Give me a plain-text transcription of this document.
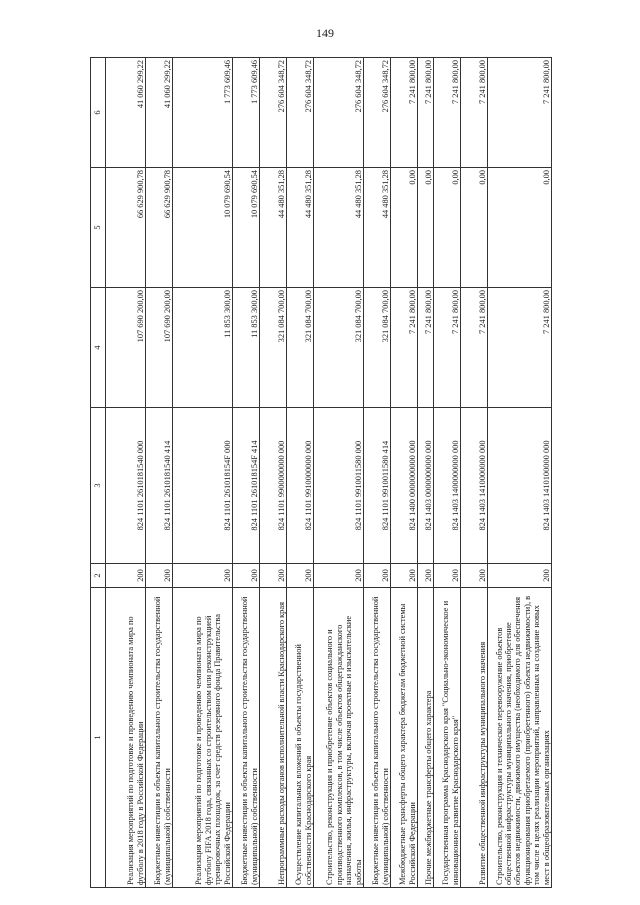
149
1	2	3	4	5	6
Реализация мероприятий по подготовке и проведению чемпионата мира по футболу в 2018 году в Российской Федерации	200	824 1101 2610181540 000	107 690 200,00	66 629 900,78	41 060 299,22
Бюджетные инвестиции в объекты капитального строительства государственной (муниципальной) собственности	200	824 1101 2610181540 414	107 690 200,00	66 629 900,78	41 060 299,22
Реализация мероприятий по подготовке и проведению чемпионата мира по футболу FIFA 2018 года, связанных со строительством или реконструкцией тренировочных площадок, за счет средств резервного фонда Правительства Российской Федерации	200	824 1101 261018154F 000	11 853 300,00	10 079 690,54	1 773 609,46
Бюджетные инвестиции в объекты капитального строительства государственной (муниципальной) собственности	200	824 1101 261018154F 414	11 853 300,00	10 079 690,54	1 773 609,46
Непрограммные расходы органов исполнительной власти Краснодарского края	200	824 1101 9900000000 000	321 084 700,00	44 480 351,28	276 604 348,72
Осуществление капитальных вложений в объекты государственной собственности Краснодарского края	200	824 1101 9910000000 000	321 084 700,00	44 480 351,28	276 604 348,72
Строительство, реконструкция и приобретение объектов социального и производственного комплексов, в том числе объектов общегражданского назначения, жилья, инфраструктуры, включая проектные и изыскательские работы	200	824 1101 9910011580 000	321 084 700,00	44 480 351,28	276 604 348,72
Бюджетные инвестиции в объекты капитального строительства государственной (муниципальной) собственности	200	824 1101 9910011580 414	321 084 700,00	44 480 351,28	276 604 348,72
Межбюджетные трансферты общего характера бюджетам бюджетной системы Российской Федерации	200	824 1400 0000000000 000	7 241 800,00	0,00	7 241 800,00
Прочие межбюджетные трансферты общего характера	200	824 1403 0000000000 000	7 241 800,00	0,00	7 241 800,00
Государственная программа Краснодарского края "Социально-экономическое и инновационное развитие Краснодарского края"	200	824 1403 1400000000 000	7 241 800,00	0,00	7 241 800,00
Развитие общественной инфраструктуры муниципального значения	200	824 1403 1410000000 000	7 241 800,00	0,00	7 241 800,00
Строительство, реконструкция и техническое перевооружение объектов общественной инфраструктуры муниципального значения, приобретение объектов недвижимости, движимого имущества (необходимого для обеспечения функционирования приобретаемого (приобретенного) объекта недвижимости), в том числе в целях реализации мероприятий, направленных на создание новых мест в общеобразовательных организациях	200	824 1403 1410100000 000	7 241 800,00	0,00	7 241 800,00
